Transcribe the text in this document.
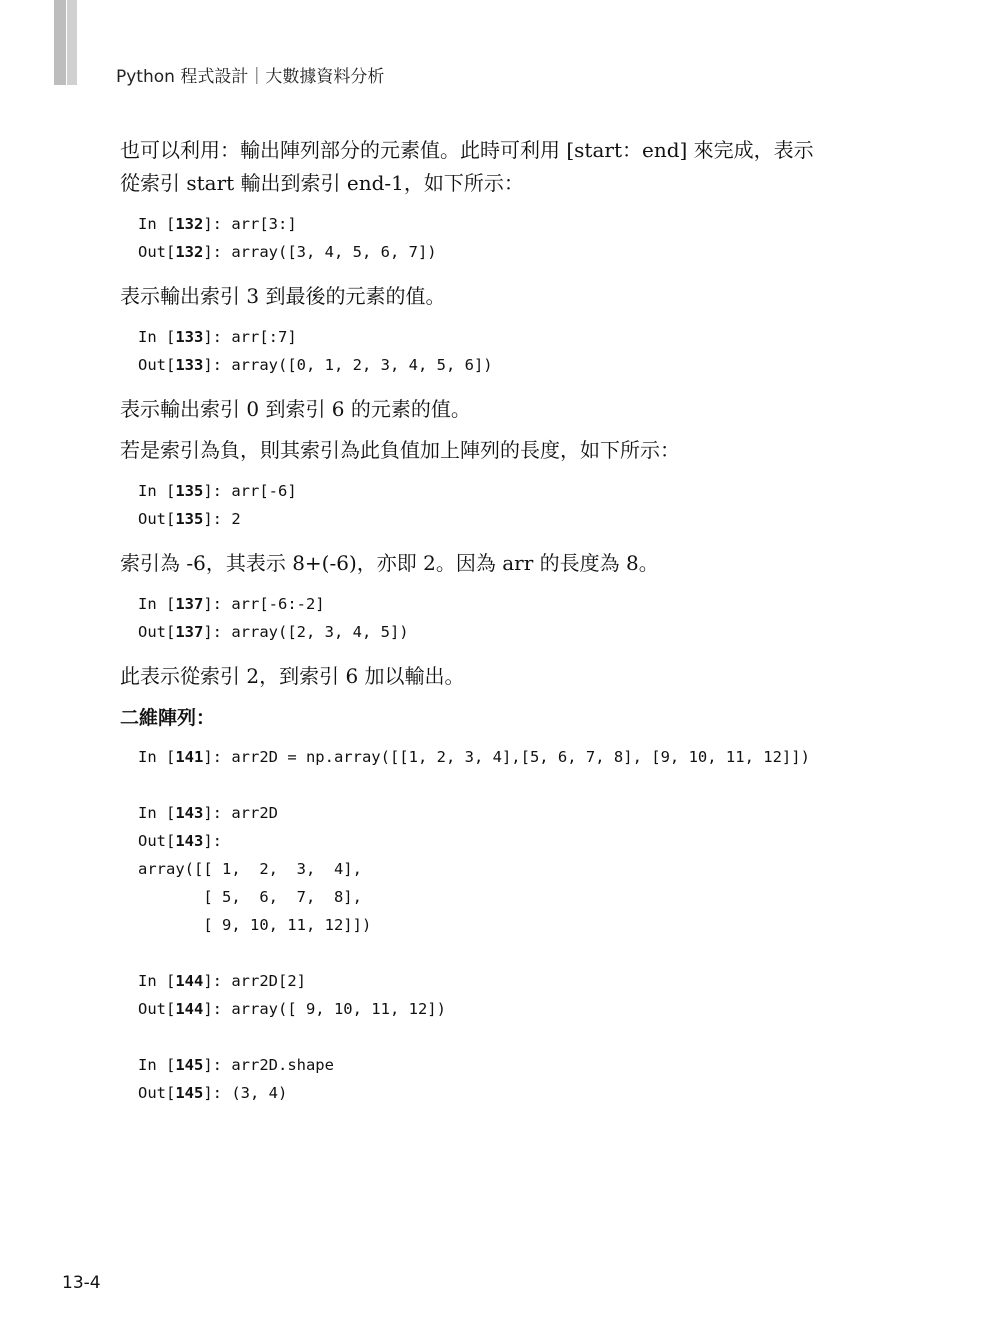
Python 程式設計｜大數據資料分析

也可以利用：輸出陣列部分的元素值。此時可利用 [start：end] 來完成，表示

從索引 start 輸出到索引 end-1，如下所示：

In [132]: arr[3:]
Out[132]: array([3, 4, 5, 6, 7])

表示輸出索引 3 到最後的元素的值。

In [133]: arr[:7]
Out[133]: array([0, 1, 2, 3, 4, 5, 6])

表示輸出索引 0 到索引 6 的元素的值。

若是索引為負，則其索引為此負值加上陣列的長度，如下所示：

In [135]: arr[-6]
Out[135]: 2

索引為 -6，其表示 8+(-6)，亦即 2。因為 arr 的長度為 8。

In [137]: arr[-6:-2]
Out[137]: array([2, 3, 4, 5])

此表示從索引 2，到索引 6 加以輸出。

二維陣列：
In [141]: arr2D = np.array([[1, 2, 3, 4],[5, 6, 7, 8], [9, 10, 11, 12]])
In [143]: arr2D
Out[143]:
array([[ 1,  2,  3,  4],
[ 5,  6,  7,  8],
[ 9, 10, 11, 12]])
In [144]: arr2D[2]
Out[144]: array([ 9, 10, 11, 12])
In [145]: arr2D.shape
Out[145]: (3, 4)
13-4
